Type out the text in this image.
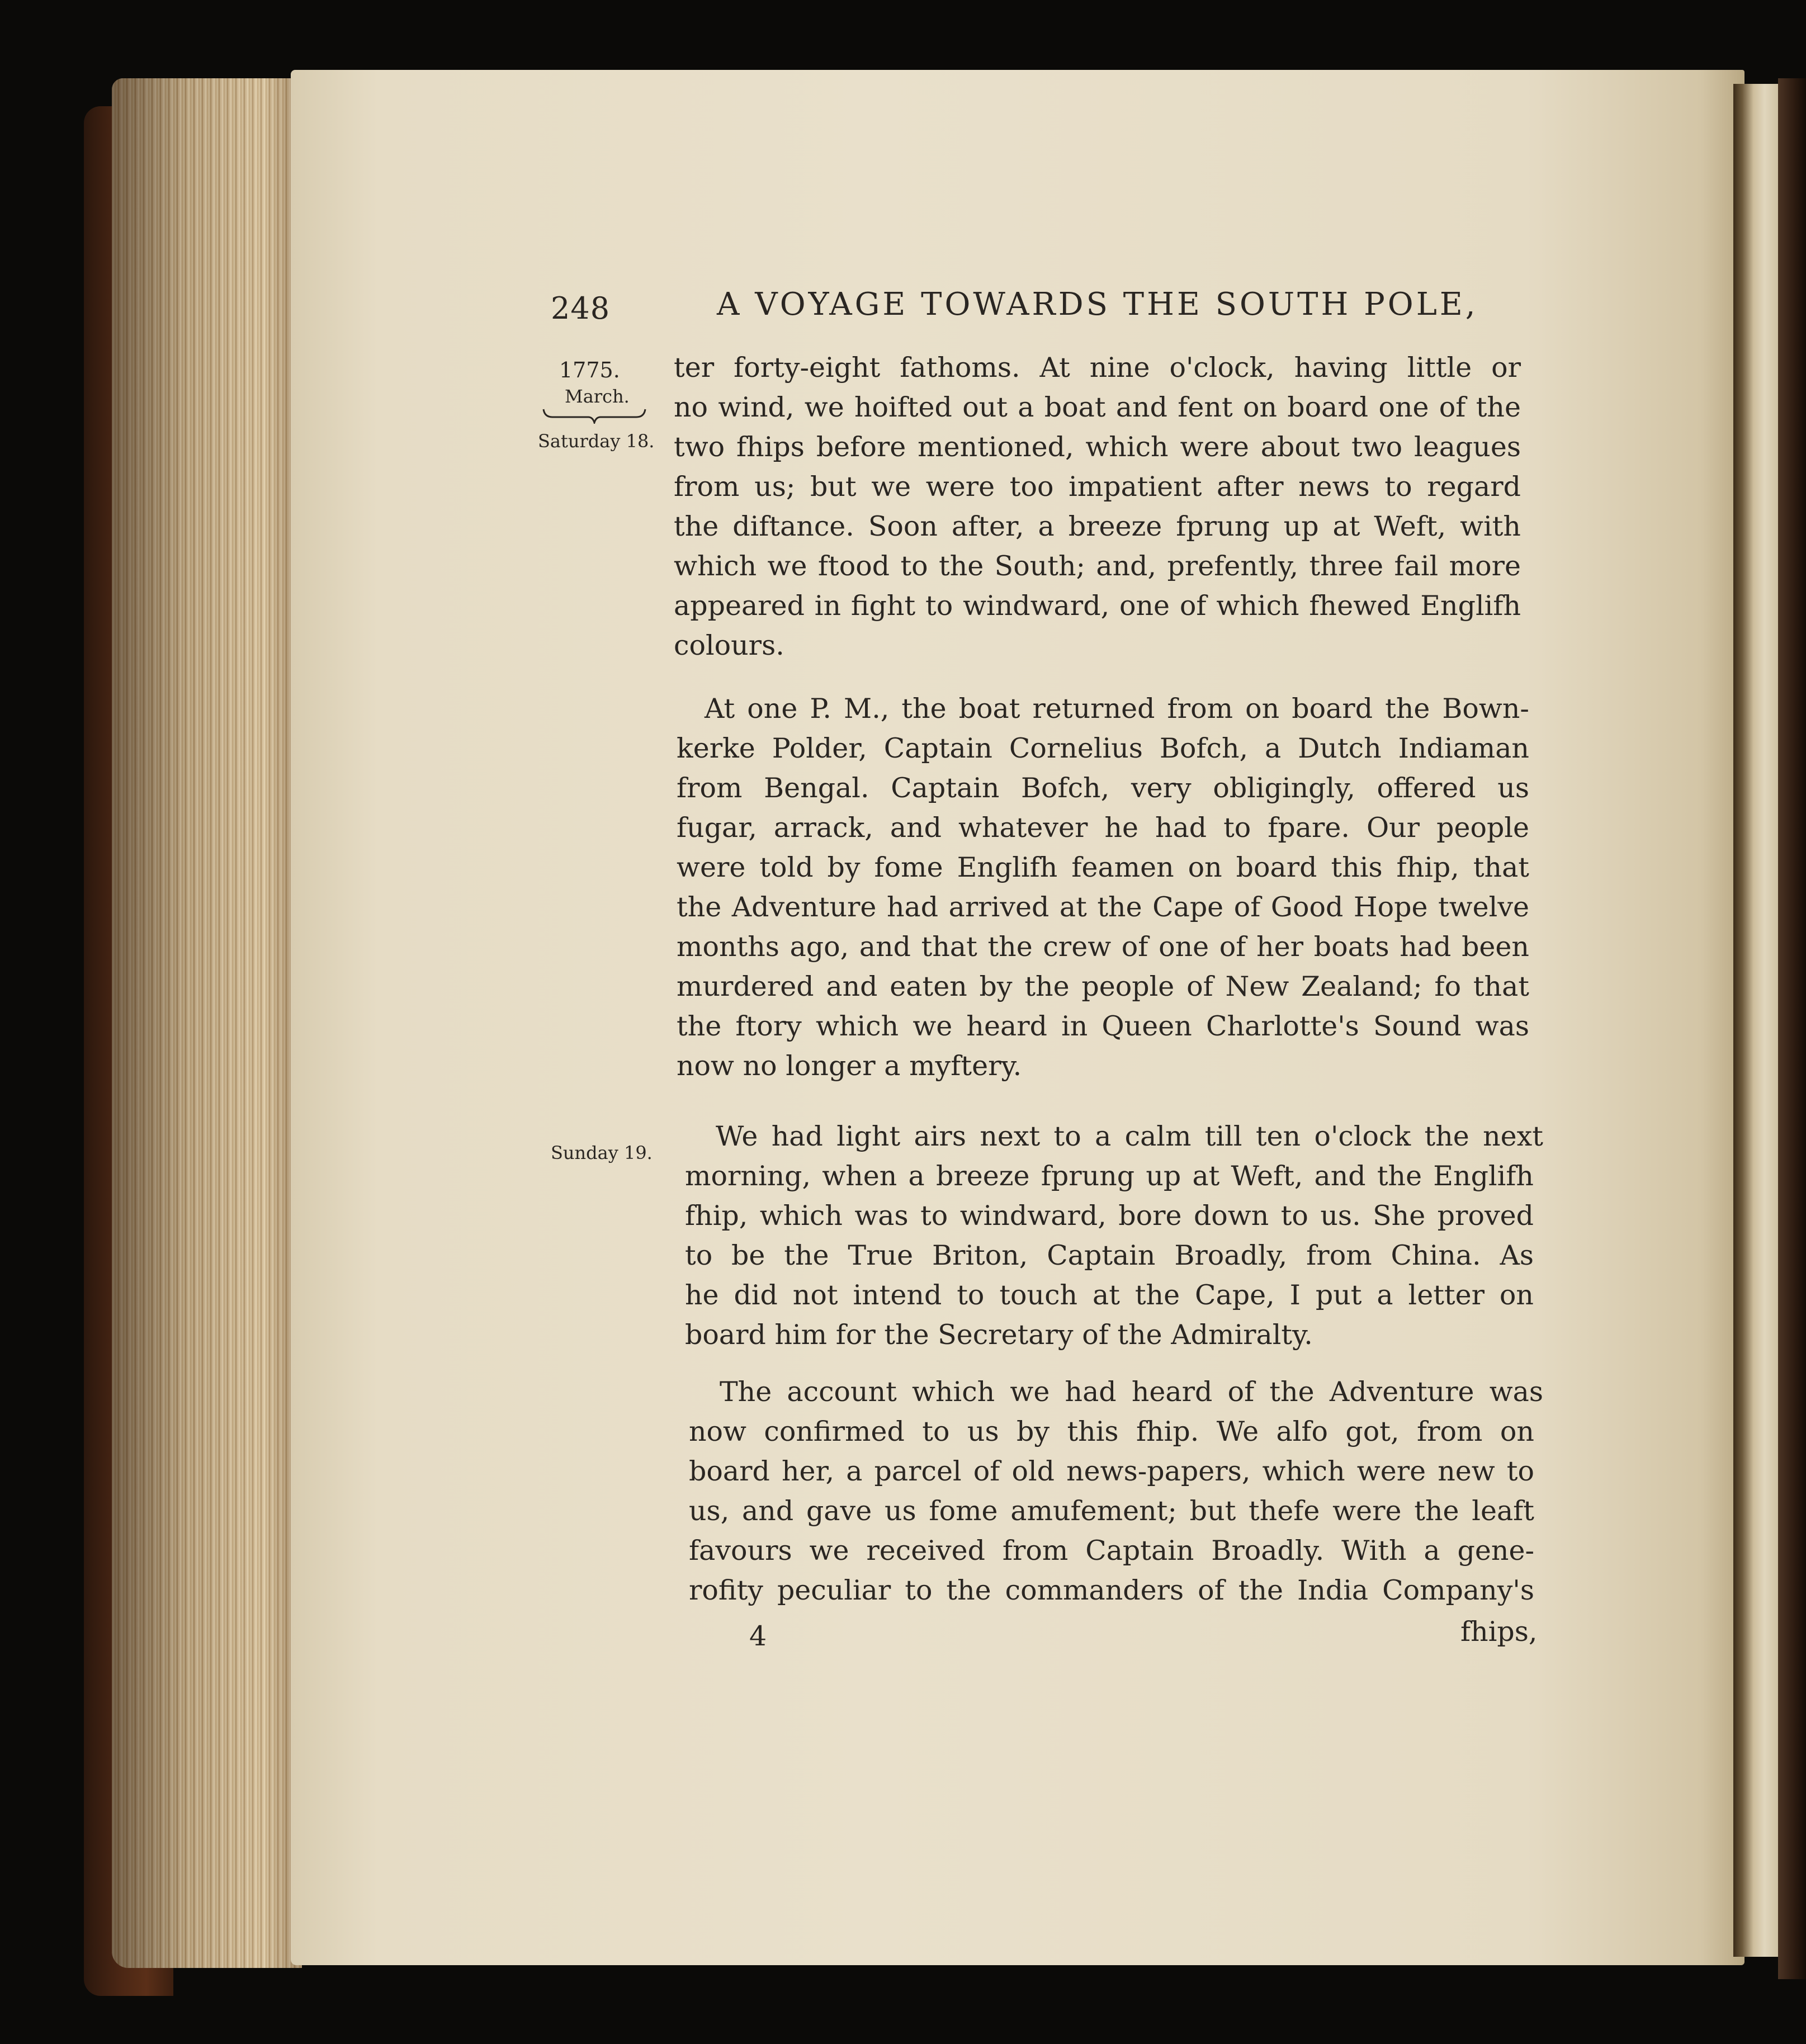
248	A VOYAGE TOWARDS THE SOUTH POLE,
1775.
March.
Saturday 18.
Sunday 19.

ter forty-eight fathoms. At nine o'clock, having little or
no wind, we hoifted out a boat and fent on board one of the
two fhips before mentioned, which were about two leagues
from us; but we were too impatient after news to regard
the diftance. Soon after, a breeze fprung up at Weft, with
which we ftood to the South; and, prefently, three fail more
appeared in fight to windward, one of which fhewed Englifh
colours.

At one P. M., the boat returned from on board the Bown-

kerke Polder, Captain Cornelius Bofch, a Dutch Indiaman
from Bengal. Captain Bofch, very obligingly, offered us
fugar, arrack, and whatever he had to fpare. Our people
were told by fome Englifh feamen on board this fhip, that
the Adventure had arrived at the Cape of Good Hope twelve
months ago, and that the crew of one of her boats had been
murdered and eaten by the people of New Zealand; fo that
the ftory which we heard in Queen Charlotte's Sound was
now no longer a myftery.

We had light airs next to a calm till ten o'clock the next

morning, when a breeze fprung up at Weft, and the Englifh
fhip, which was to windward, bore down to us. She proved
to be the True Briton, Captain Broadly, from China. As
he did not intend to touch at the Cape, I put a letter on
board him for the Secretary of the Admiralty.

The account which we had heard of the Adventure was

now confirmed to us by this fhip. We alfo got, from on
board her, a parcel of old news-papers, which were new to
us, and gave us fome amufement; but thefe were the leaft
favours we received from Captain Broadly. With a gene-
rofity peculiar to the commanders of the India Company's

4	fhips,
